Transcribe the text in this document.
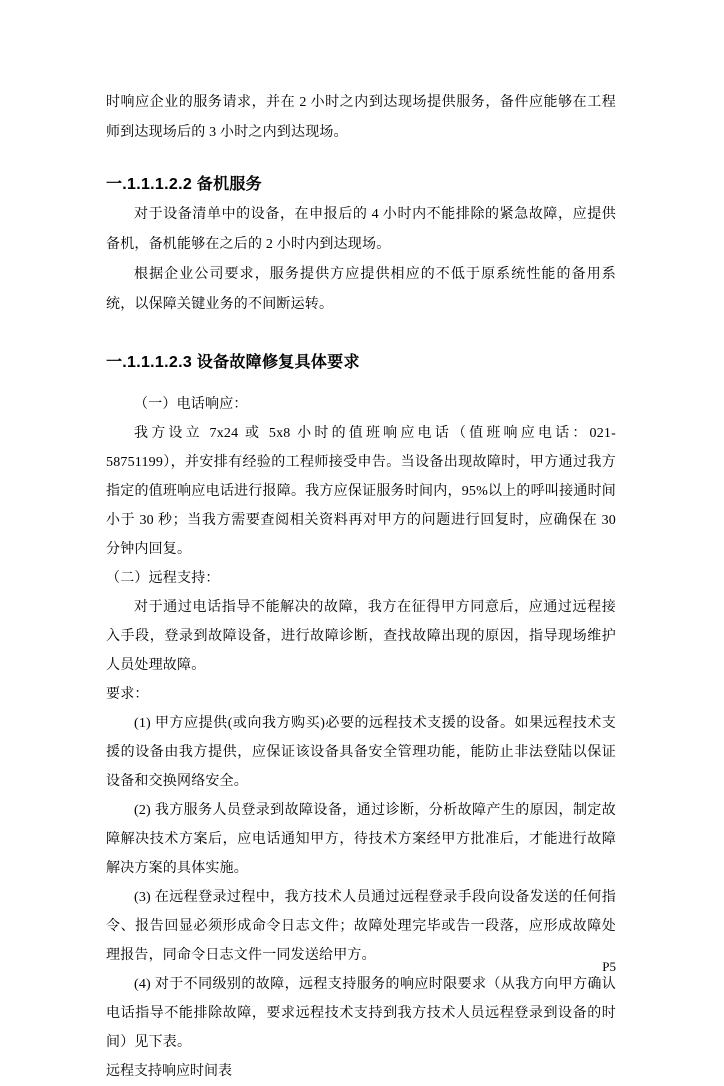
时响应企业的服务请求，并在 2 小时之内到达现场提供服务，备件应能够在工程师到达现场后的 3 小时之内到达现场。

一.1.1.1.2.2 备机服务

对于设备清单中的设备，在申报后的 4 小时内不能排除的紧急故障，应提供备机，备机能够在之后的 2 小时内到达现场。

根据企业公司要求，服务提供方应提供相应的不低于原系统性能的备用系统，以保障关键业务的不间断运转。

一.1.1.1.2.3 设备故障修复具体要求

（一）电话响应：

我方设立 7x24 或 5x8 小时的值班响应电话（值班响应电话：021-58751199），并安排有经验的工程师接受申告。当设备出现故障时，甲方通过我方指定的值班响应电话进行报障。我方应保证服务时间内，95%以上的呼叫接通时间小于 30 秒；当我方需要查阅相关资料再对甲方的问题进行回复时，应确保在 30 分钟内回复。

（二）远程支持：

对于通过电话指导不能解决的故障，我方在征得甲方同意后，应通过远程接入手段，登录到故障设备，进行故障诊断，查找故障出现的原因，指导现场维护人员处理故障。

要求：

(1) 甲方应提供(或向我方购买)必要的远程技术支援的设备。如果远程技术支援的设备由我方提供，应保证该设备具备安全管理功能，能防止非法登陆以保证设备和交换网络安全。

(2) 我方服务人员登录到故障设备，通过诊断，分析故障产生的原因，制定故障解决技术方案后，应电话通知甲方，待技术方案经甲方批准后，才能进行故障解决方案的具体实施。

(3) 在远程登录过程中，我方技术人员通过远程登录手段向设备发送的任何指令、报告回显必须形成命令日志文件；故障处理完毕或告一段落，应形成故障处理报告，同命令日志文件一同发送给甲方。

(4) 对于不同级别的故障，远程支持服务的响应时限要求（从我方向甲方确认电话指导不能排除故障，要求远程技术支持到我方技术人员远程登录到设备的时间）见下表。

远程支持响应时间表

P5
